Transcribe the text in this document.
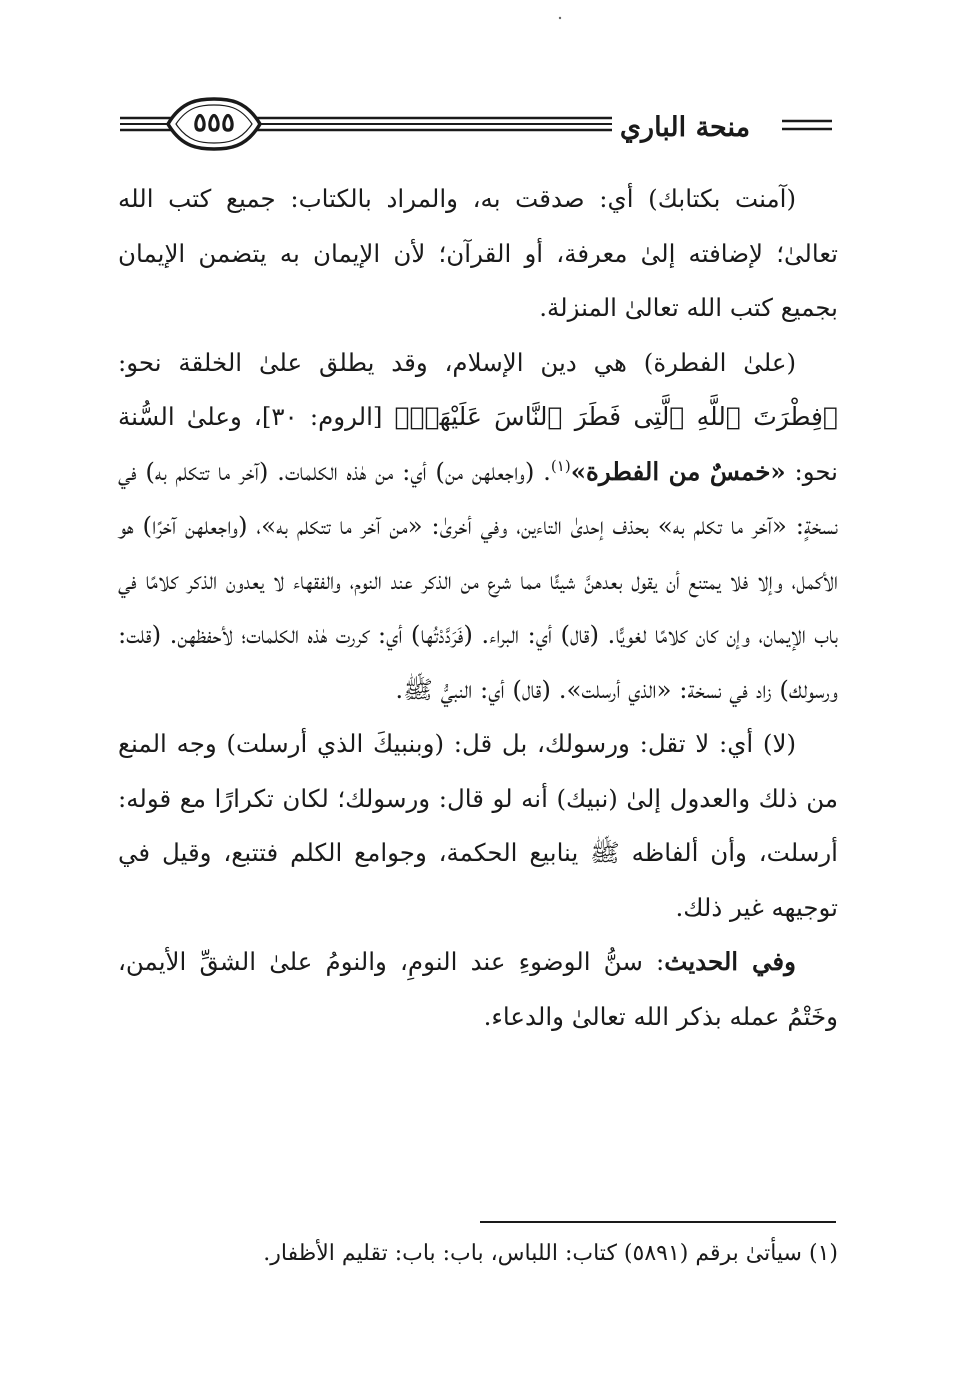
منحة الباري
٥٥٥

(آمنت بكتابك) أي: صدقت به، والمراد بالكتاب: جميع كتب الله تعالىٰ؛ لإضافته إلىٰ معرفة، أو القرآن؛ لأن الإيمان به يتضمن الإيمان بجميع كتب الله تعالىٰ المنزلة.

(علىٰ الفطرة) هي دين الإسلام، وقد يطلق علىٰ الخلقة نحو: ﴿فِطْرَتَ ٱللَّهِ ٱلَّتِى فَطَرَ ٱلنَّاسَ عَلَيْهَاۚ﴾ [الروم: ٣٠]، وعلىٰ السُّنة نحو: «خمسٌ من الفطرة»$^{(١)}$. (واجعلهن من) أي: من هٰذه الكلمات. (آخر ما تتكلم به) في نسخةٍ: «آخر ما تكلم به» بحذف إحدىٰ التاءين، وفي أخرىٰ: «من آخر ما تتكلم به»، (واجعلهن آخرًا) هو الأكمل، وإلا فلا يمتنع أن يقول بعدهنَّ شيئًا مما شرع من الذكر عند النوم، والفقهاء لا يعدون الذكر كلامًا في باب الإيمان، وإن كان كلامًا لغويًّا. (قال) أي: البراء. (فَرَدَّدْتُها) أي: كررت هٰذه الكلمات؛ لأحفظهن. (قلت: ورسولك) زاد في نسخة: «الذي أرسلت». (قال) أي: النبيُّ ﷺ.

(لا) أي: لا تقل: ورسولك، بل قل: (وبنبيكَ الذي أرسلت) وجه المنع من ذلك والعدول إلىٰ (نبيك) أنه لو قال: ورسولك؛ لكان تكرارًا مع قوله: أرسلت، وأن ألفاظه ﷺ ينابيع الحكمة، وجوامع الكلم فتتبع، وقيل في توجيهه غير ذلك.

وفي الحديث: سنُّ الوضوءِ عند النومِ، والنومُ علىٰ الشقِّ الأيمن، وخَتْمُ عمله بذكر الله تعالىٰ والدعاء.

(١) سيأتىٰ برقم (٥٨٩١) كتاب: اللباس، باب: باب: تقليم الأظفار.
